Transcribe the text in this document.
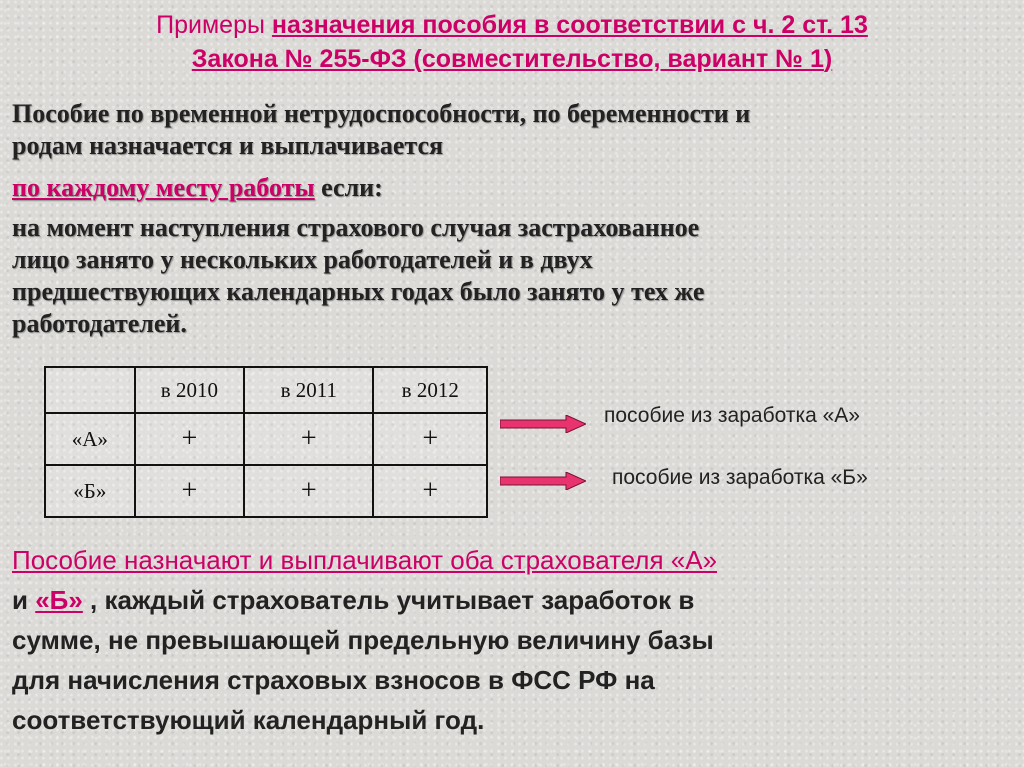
Примеры назначения пособия в соответствии с ч. 2 ст. 13
Закона № 255-ФЗ (совместительство, вариант № 1)
Пособие по временной нетрудоспособности, по беременности и
родам назначается и выплачивается
по каждому месту работы если:
на момент наступления страхового случая застрахованное
лицо занято у нескольких работодателей и в двух
предшествующих календарных годах было занято у тех же
работодателей.
	в 2010	в 2011	в 2012
«А»	+	+	+
«Б»	+	+	+
пособие из заработка «А»
пособие из заработка «Б»
Пособие назначают и выплачивают оба страхователя «А»
и «Б» , каждый страхователь учитывает заработок в
сумме, не превышающей предельную величину базы
для начисления страховых взносов в ФСС РФ на
соответствующий календарный год.
